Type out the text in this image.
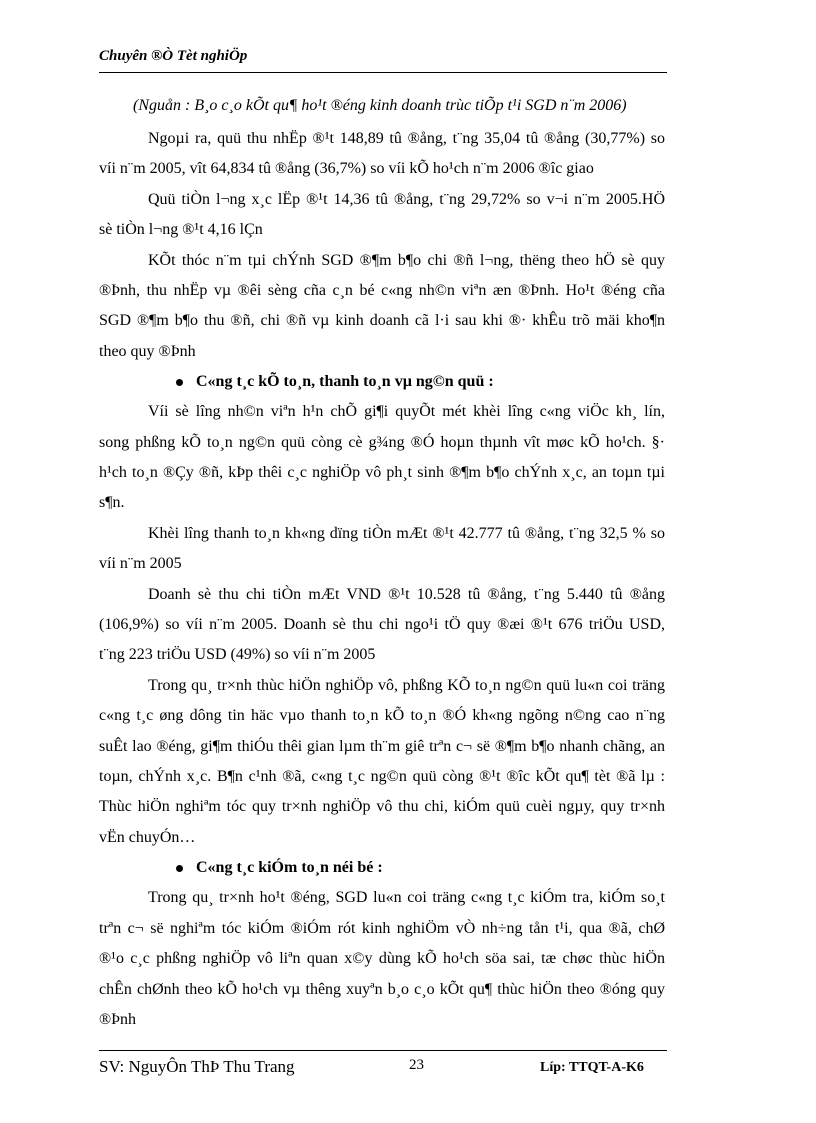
Chuyên ®Ò Tèt nghiÖp
(Nguån : B¸o c¸o kÕt qu¶ ho¹t ®éng kinh doanh trùc tiÕp t¹i SGD n¨m 2006)
Ngoµi ra, quü thu nhËp ®¹t 148,89 tû ®ång, t¨ng 35,04 tû ®ång (30,77%) so
víi n¨m 2005, vît 64,834 tû ®ång (36,7%) so víi kÕ ho¹ch n¨m 2006 ®îc giao
Quü tiÒn l¬ng x¸c lËp ®¹t 14,36 tû ®ång, t¨ng 29,72% so v¬i n¨m 2005.HÖ
sè tiÒn l¬ng ®¹t 4,16 lÇn
KÕt thóc n¨m tµi chÝnh SGD ®¶m b¶o chi ®ñ l¬ng, thëng theo hÖ sè quy
®Þnh, thu nhËp vµ ®êi sèng cña c¸n bé c«ng nh©n viªn æn ®Þnh. Ho¹t ®éng cña
SGD ®¶m b¶o thu ®ñ, chi ®ñ vµ kinh doanh cã l·i sau khi ®· khÊu trõ mäi kho¶n
theo quy ®Þnh
C«ng t¸c kÕ to¸n, thanh to¸n vµ ng©n quü :
Víi sè lîng nh©n viªn h¹n chÕ gi¶i quyÕt mét khèi lîng c«ng viÖc kh¸ lín,
song phßng kÕ to¸n ng©n quü còng cè g¾ng ®Ó hoµn thµnh vît møc kÕ ho¹ch. §·
h¹ch to¸n ®Çy ®ñ, kÞp thêi c¸c nghiÖp vô ph¸t sinh ®¶m b¶o chÝnh x¸c, an toµn tµi
s¶n.
Khèi lîng thanh to¸n kh«ng dïng tiÒn mÆt ®¹t 42.777 tû ®ång, t¨ng 32,5 % so
víi n¨m 2005
Doanh sè thu chi tiÒn mÆt VND ®¹t 10.528 tû ®ång, t¨ng 5.440 tû ®ång
(106,9%) so víi n¨m 2005. Doanh sè thu chi ngo¹i tÖ quy ®æi ®¹t 676 triÖu USD,
t¨ng 223 triÖu USD (49%) so víi n¨m 2005
Trong qu¸ tr×nh thùc hiÖn nghiÖp vô, phßng KÕ to¸n ng©n quü lu«n coi träng
c«ng t¸c øng dông tin häc vµo thanh to¸n kÕ to¸n ®Ó kh«ng ngõng n©ng cao n¨ng
suÊt lao ®éng, gi¶m thiÓu thêi gian lµm th¨m giê trªn c¬ së ®¶m b¶o nhanh chãng, an
toµn, chÝnh x¸c. B¶n c¹nh ®ã, c«ng t¸c ng©n quü còng ®¹t ®îc kÕt qu¶ tèt ®ã lµ :
Thùc hiÖn nghiªm tóc quy tr×nh nghiÖp vô thu chi, kiÓm quü cuèi ngµy, quy tr×nh
vËn chuyÓn…
C«ng t¸c kiÓm to¸n néi bé :
Trong qu¸ tr×nh ho¹t ®éng, SGD lu«n coi träng c«ng t¸c kiÓm tra, kiÓm so¸t
trªn c¬ së nghiªm tóc kiÓm ®iÓm rót kinh nghiÖm vÒ nh÷ng tån t¹i, qua ®ã, chØ
®¹o c¸c phßng nghiÖp vô liªn quan x©y dùng kÕ ho¹ch söa sai, tæ chøc thùc hiÖn
chÊn chØnh theo kÕ ho¹ch vµ thêng xuyªn b¸o c¸o kÕt qu¶ thùc hiÖn theo ®óng quy
®Þnh
SV: NguyÔn ThÞ Thu Trang	23	Líp: TTQT-A-K6
